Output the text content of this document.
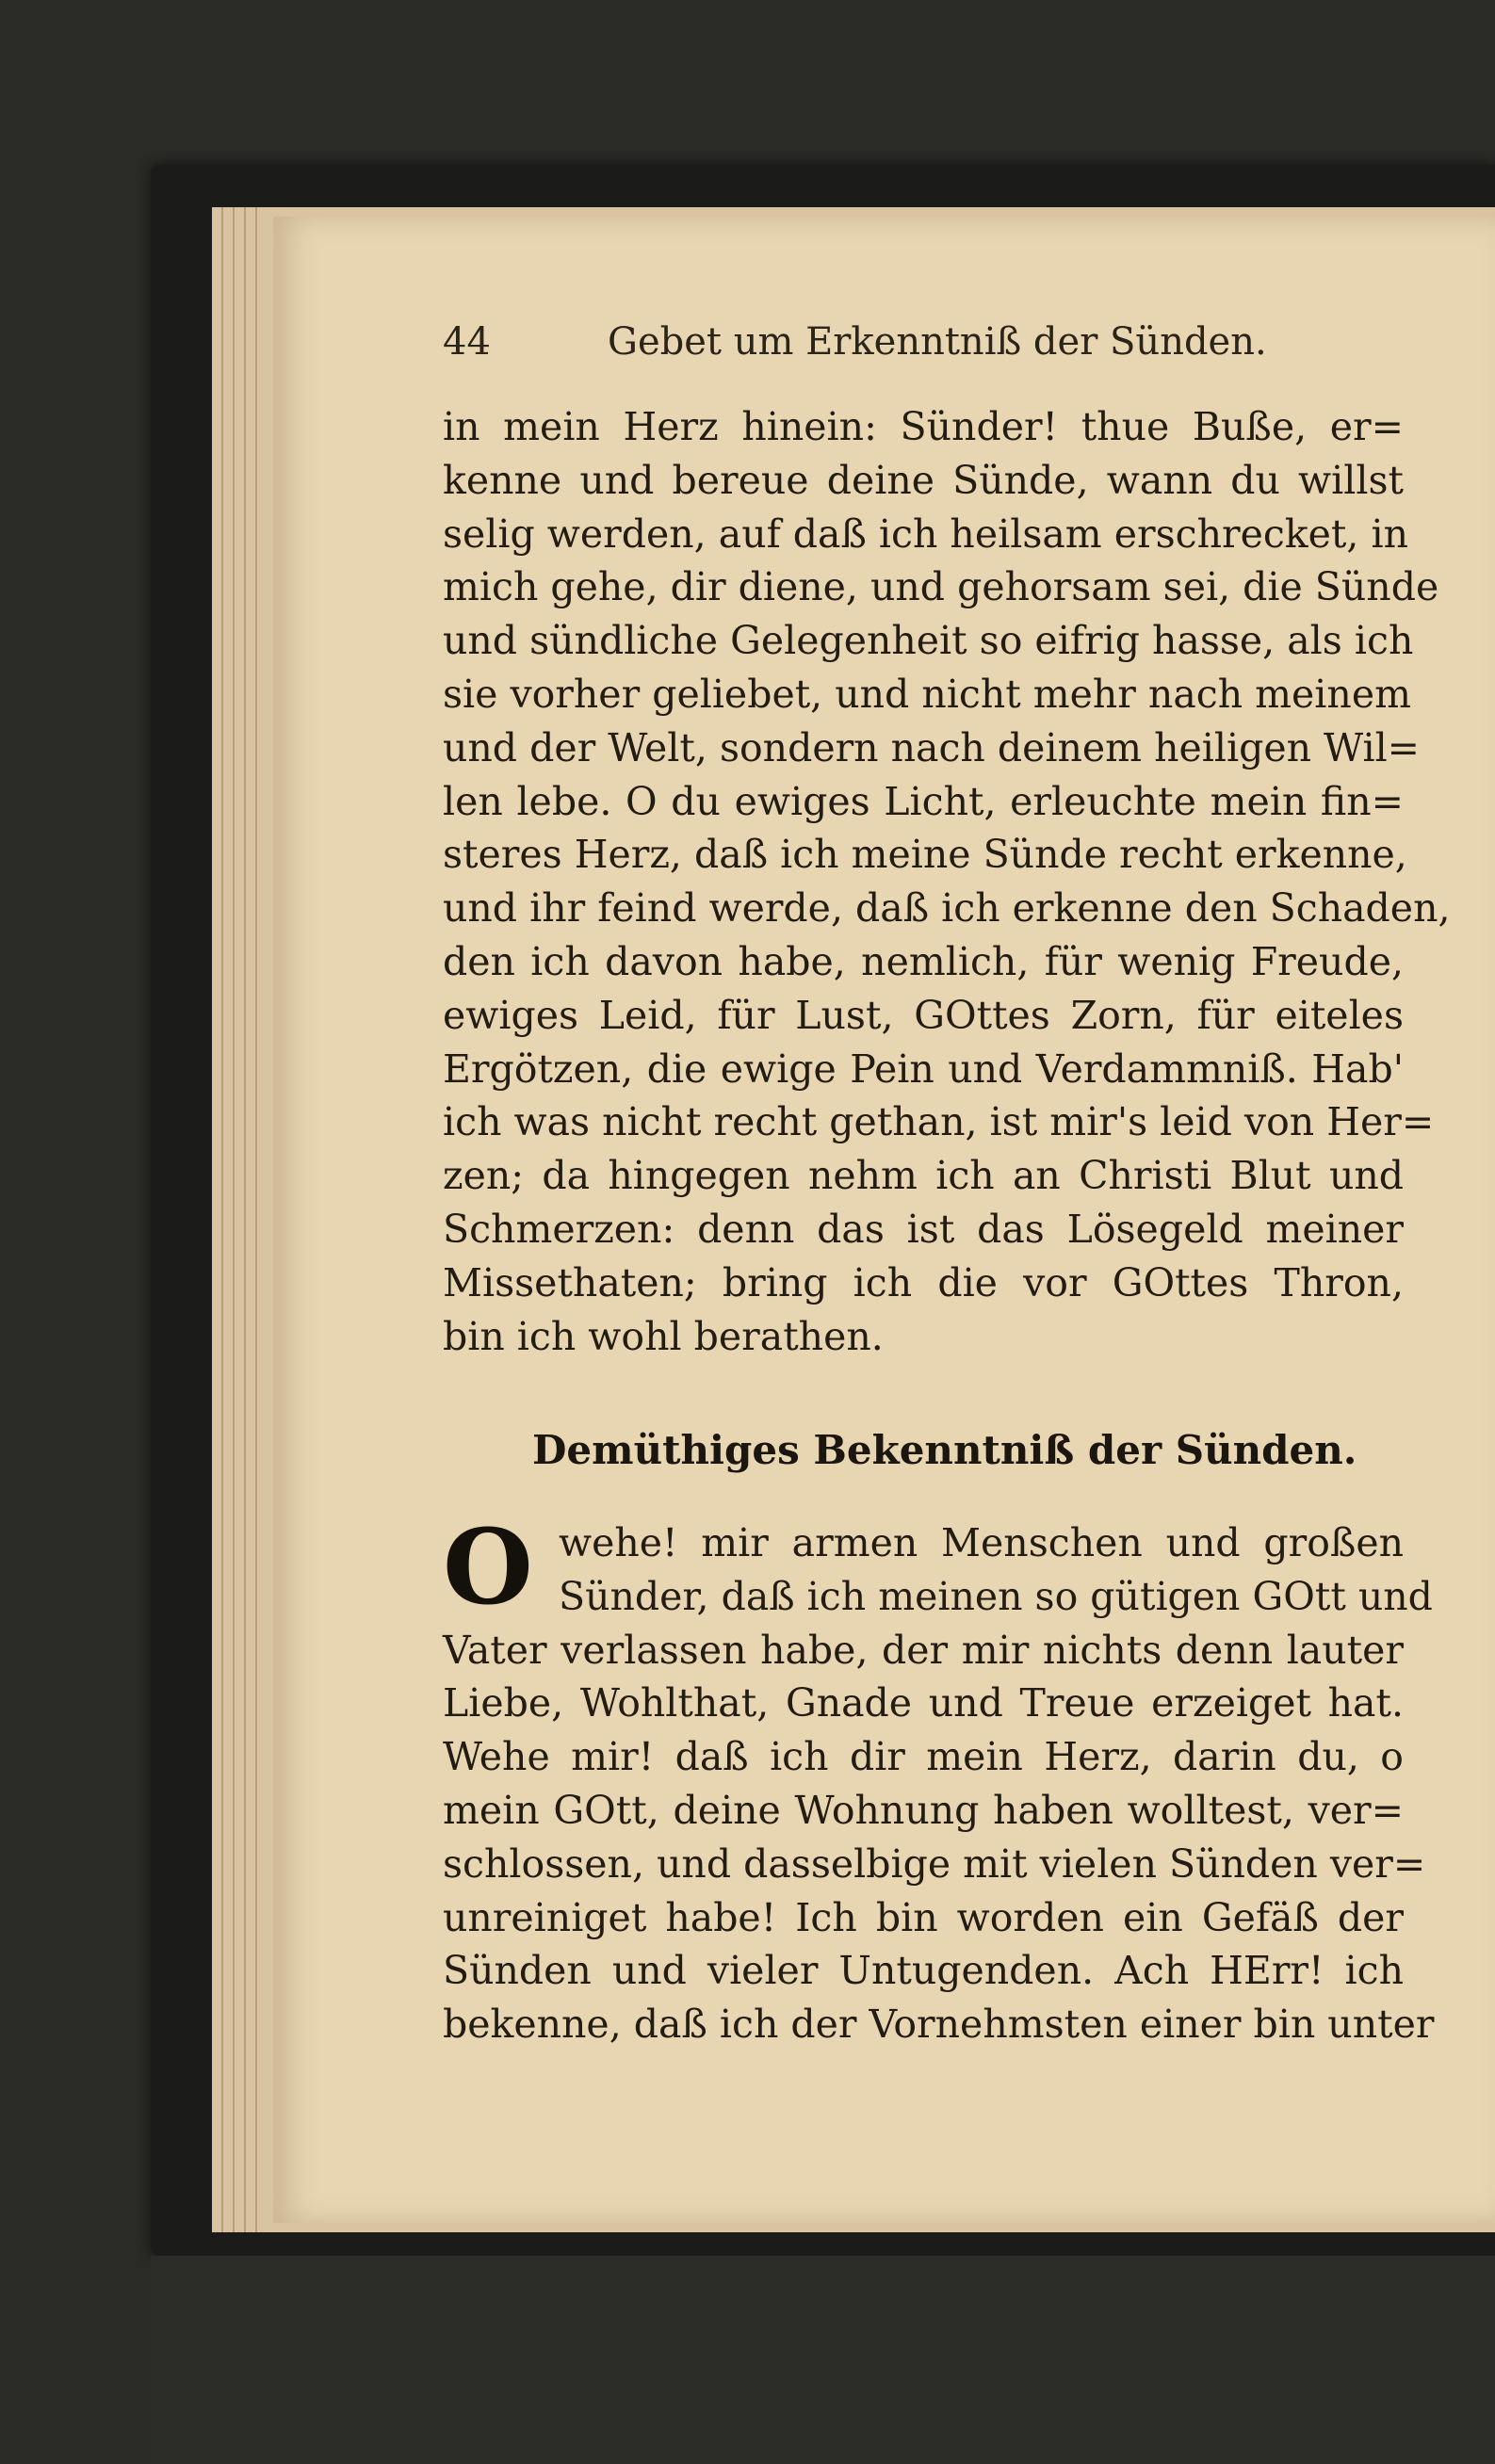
44	Gebet um Erkenntniß der Sünden.
in mein Herz hinein: Sünder! thue Buße, er=
kenne und bereue deine Sünde, wann du willst
selig werden, auf daß ich heilsam erschrecket, in
mich gehe, dir diene, und gehorsam sei, die Sünde
und sündliche Gelegenheit so eifrig hasse, als ich
sie vorher geliebet, und nicht mehr nach meinem
und der Welt, sondern nach deinem heiligen Wil=
len lebe. O du ewiges Licht, erleuchte mein fin=
steres Herz, daß ich meine Sünde recht erkenne,
und ihr feind werde, daß ich erkenne den Schaden,
den ich davon habe, nemlich, für wenig Freude,
ewiges Leid, für Lust, GOttes Zorn, für eiteles
Ergötzen, die ewige Pein und Verdammniß. Hab'
ich was nicht recht gethan, ist mir's leid von Her=
zen; da hingegen nehm ich an Christi Blut und
Schmerzen: denn das ist das Lösegeld meiner
Missethaten; bring ich die vor GOttes Thron,
bin ich wohl berathen.
Demüthiges Bekenntniß der Sünden.
O wehe! mir armen Menschen und großen
Sünder, daß ich meinen so gütigen GOtt und
Vater verlassen habe, der mir nichts denn lauter
Liebe, Wohlthat, Gnade und Treue erzeiget hat.
Wehe mir! daß ich dir mein Herz, darin du, o
mein GOtt, deine Wohnung haben wolltest, ver=
schlossen, und dasselbige mit vielen Sünden ver=
unreiniget habe! Ich bin worden ein Gefäß der
Sünden und vieler Untugenden. Ach HErr! ich
bekenne, daß ich der Vornehmsten einer bin unter
